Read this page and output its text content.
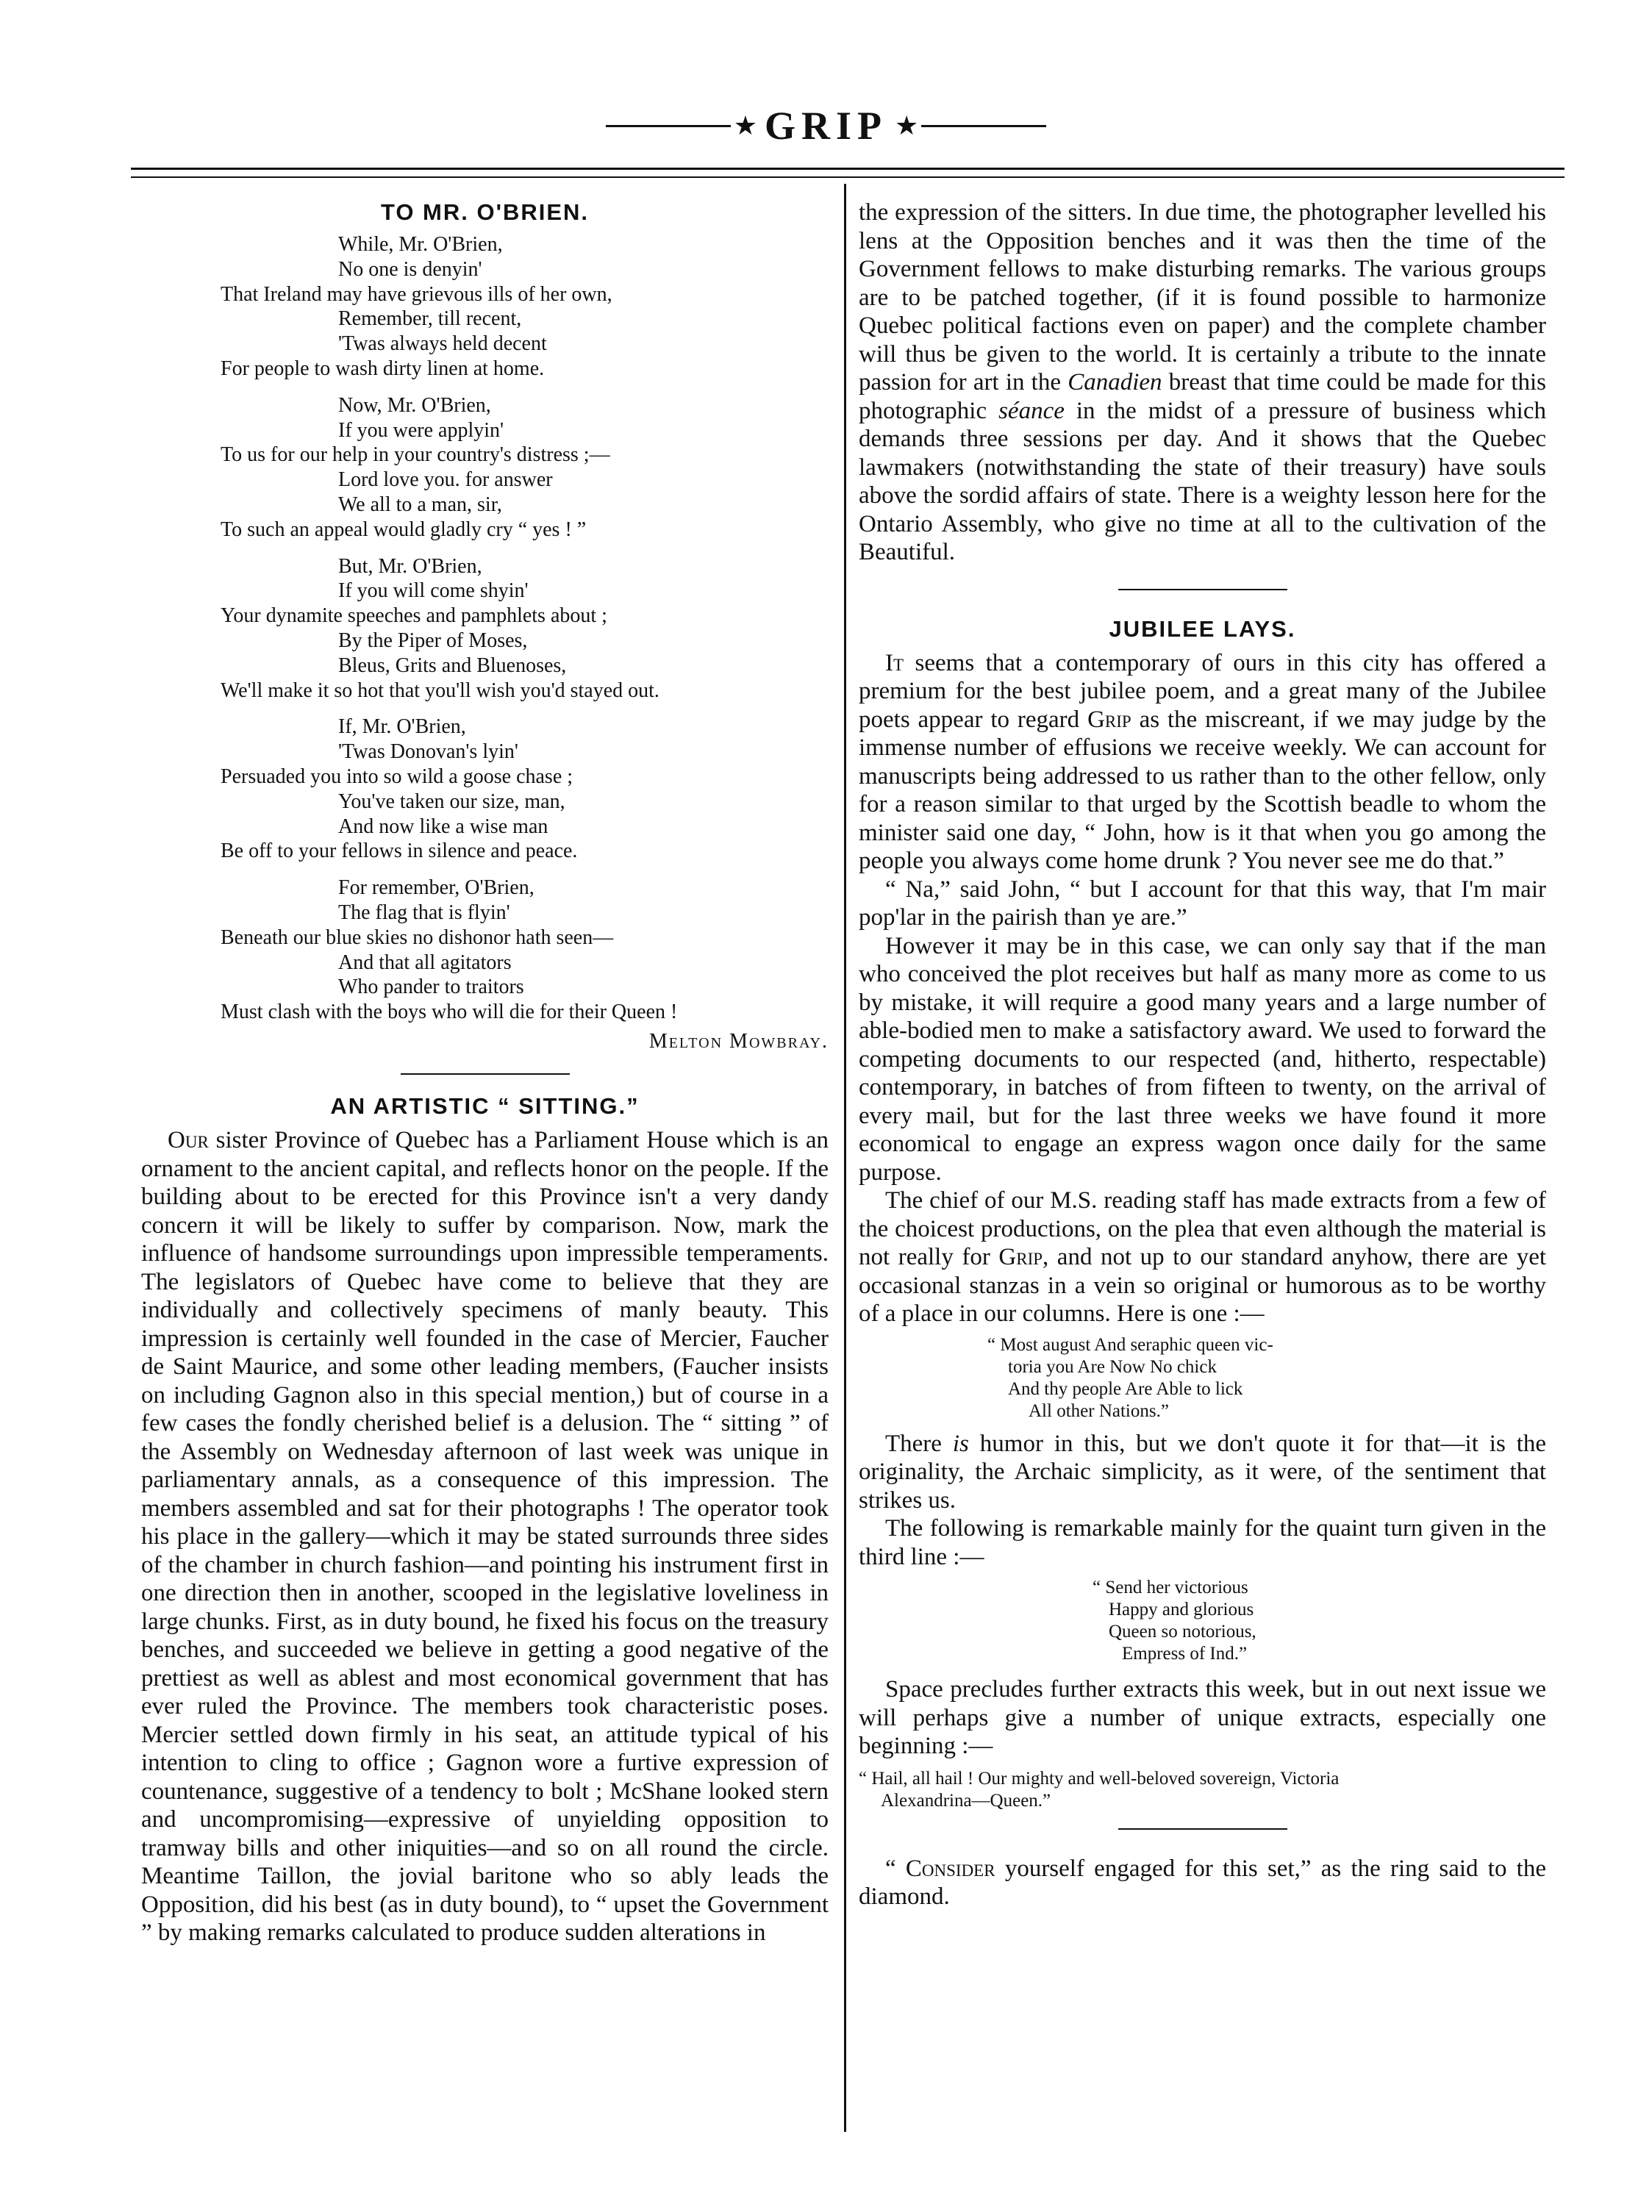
★ GRIP ★
TO MR. O'BRIEN.
While, Mr. O'Brien,
No one is denyin'
That Ireland may have grievous ills of her own,
Remember, till recent,
'Twas always held decent
For people to wash dirty linen at home.
Now, Mr. O'Brien,
If you were applyin'
To us for our help in your country's distress ;—
Lord love you. for answer
We all to a man, sir,
To such an appeal would gladly cry “ yes ! ”
But, Mr. O'Brien,
If you will come shyin'
Your dynamite speeches and pamphlets about ;
By the Piper of Moses,
Bleus, Grits and Bluenoses,
We'll make it so hot that you'll wish you'd stayed out.
If, Mr. O'Brien,
'Twas Donovan's lyin'
Persuaded you into so wild a goose chase ;
You've taken our size, man,
And now like a wise man
Be off to your fellows in silence and peace.
For remember, O'Brien,
The flag that is flyin'
Beneath our blue skies no dishonor hath seen—
And that all agitators
Who pander to traitors
Must clash with the boys who will die for their Queen !
Melton Mowbray.
AN ARTISTIC “ SITTING.”

Our sister Province of Quebec has a Parliament House which is an ornament to the ancient capital, and reflects honor on the people. If the building about to be erected for this Province isn't a very dandy concern it will be likely to suffer by comparison. Now, mark the influence of handsome surroundings upon impressible temperaments. The legislators of Quebec have come to believe that they are individually and collectively specimens of manly beauty. This impression is certainly well founded in the case of Mercier, Faucher de Saint Maurice, and some other leading members, (Faucher insists on including Gagnon also in this special mention,) but of course in a few cases the fondly cherished belief is a delusion. The “ sitting ” of the Assembly on Wednesday afternoon of last week was unique in parliamentary annals, as a consequence of this impression. The members assembled and sat for their photographs ! The operator took his place in the gallery—which it may be stated surrounds three sides of the chamber in church fashion—and pointing his instrument first in one direction then in another, scooped in the legislative loveliness in large chunks. First, as in duty bound, he fixed his focus on the treasury benches, and succeeded we believe in getting a good negative of the prettiest as well as ablest and most economical government that has ever ruled the Province. The members took characteristic poses. Mercier settled down firmly in his seat, an attitude typical of his intention to cling to office ; Gagnon wore a furtive expression of countenance, suggestive of a tendency to bolt ; McShane looked stern and uncompromising—expressive of unyielding opposition to tramway bills and other iniquities—and so on all round the circle. Meantime Taillon, the jovial baritone who so ably leads the Opposition, did his best (as in duty bound), to “ upset the Government ” by making remarks calculated to produce sudden alterations in

the expression of the sitters. In due time, the photographer levelled his lens at the Opposition benches and it was then the time of the Government fellows to make disturbing remarks. The various groups are to be patched together, (if it is found possible to harmonize Quebec political factions even on paper) and the complete chamber will thus be given to the world. It is certainly a tribute to the innate passion for art in the Canadien breast that time could be made for this photographic séance in the midst of a pressure of business which demands three sessions per day. And it shows that the Quebec lawmakers (notwithstanding the state of their treasury) have souls above the sordid affairs of state. There is a weighty lesson here for the Ontario Assembly, who give no time at all to the cultivation of the Beautiful.

JUBILEE LAYS.

It seems that a contemporary of ours in this city has offered a premium for the best jubilee poem, and a great many of the Jubilee poets appear to regard Grip as the miscreant, if we may judge by the immense number of effusions we receive weekly. We can account for manuscripts being addressed to us rather than to the other fellow, only for a reason similar to that urged by the Scottish beadle to whom the minister said one day, “ John, how is it that when you go among the people you always come home drunk ? You never see me do that.”

“ Na,” said John, “ but I account for that this way, that I'm mair pop'lar in the pairish than ye are.”

However it may be in this case, we can only say that if the man who conceived the plot receives but half as many more as come to us by mistake, it will require a good many years and a large number of able-bodied men to make a satisfactory award. We used to forward the competing documents to our respected (and, hitherto, respectable) contemporary, in batches of from fifteen to twenty, on the arrival of every mail, but for the last three weeks we have found it more economical to engage an express wagon once daily for the same purpose.

The chief of our M.S. reading staff has made extracts from a few of the choicest productions, on the plea that even although the material is not really for Grip, and not up to our standard anyhow, there are yet occasional stanzas in a vein so original or humorous as to be worthy of a place in our columns. Here is one :—

“ Most august And seraphic queen vic-
toria you Are Now No chick
And thy people Are Able to lick
All other Nations.”

There is humor in this, but we don't quote it for that—it is the originality, the Archaic simplicity, as it were, of the sentiment that strikes us.

The following is remarkable mainly for the quaint turn given in the third line :—

“ Send her victorious
Happy and glorious
Queen so notorious,
Empress of Ind.”

Space precludes further extracts this week, but in out next issue we will perhaps give a number of unique extracts, especially one beginning :—

“ Hail, all hail ! Our mighty and well-beloved sovereign, Victoria
Alexandrina—Queen.”

“ Consider yourself engaged for this set,” as the ring said to the diamond.
